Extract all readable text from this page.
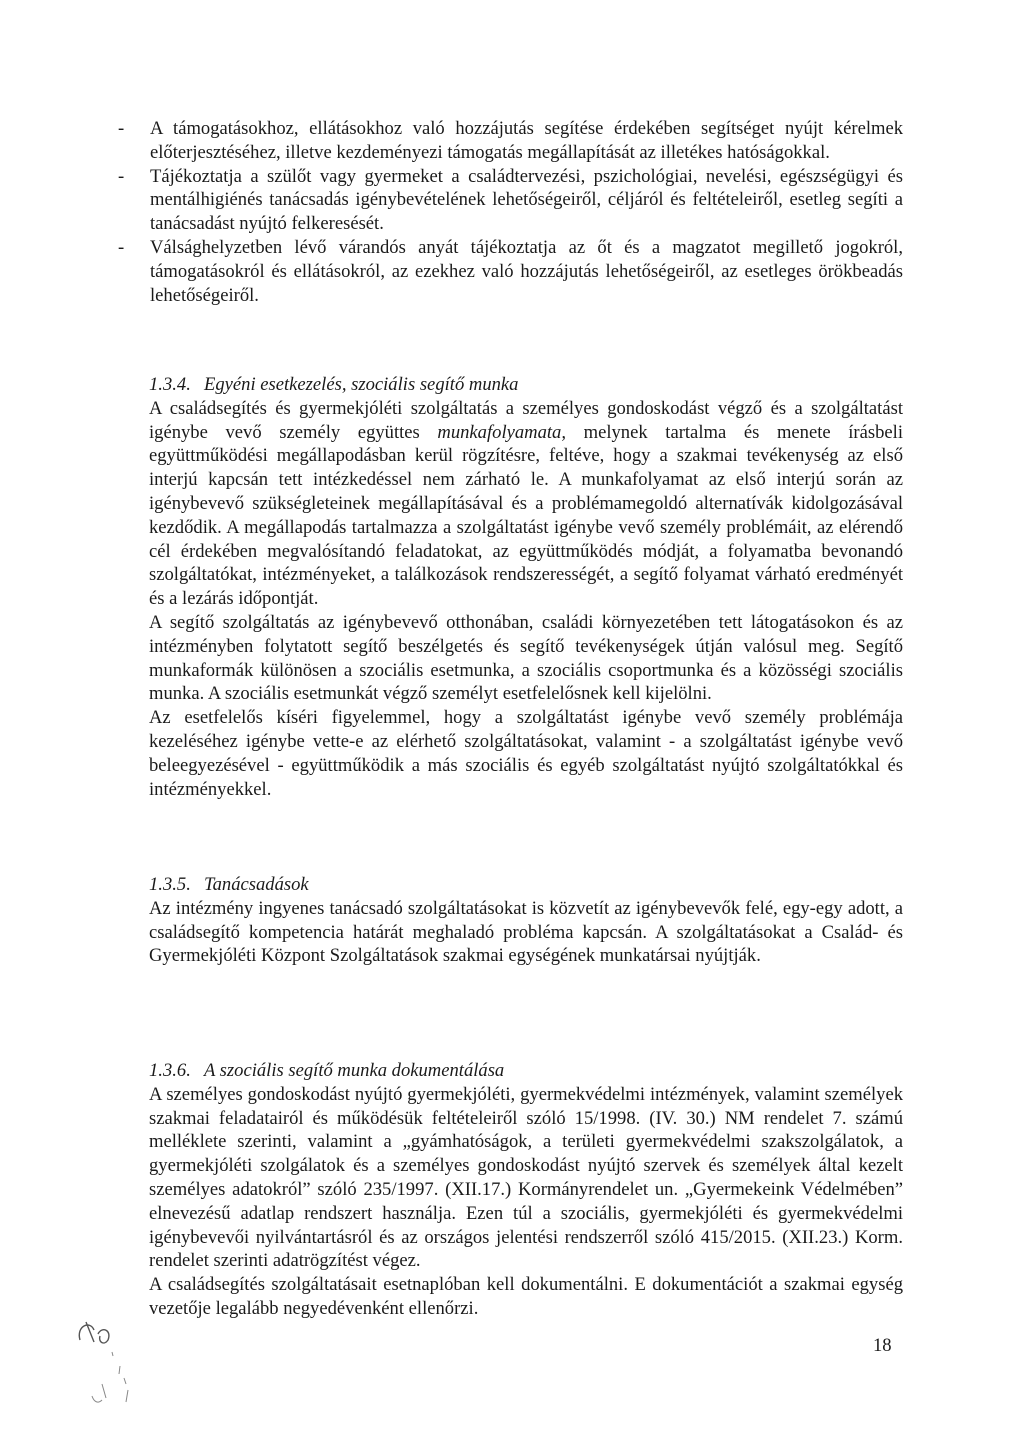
- A támogatásokhoz, ellátásokhoz való hozzájutás segítése érdekében segítséget nyújt kérelmek előterjesztéséhez, illetve kezdeményezi támogatás megállapítását az illetékes hatóságokkal.
- Tájékoztatja a szülőt vagy gyermeket a családtervezési, pszichológiai, nevelési, egészségügyi és mentálhigiénés tanácsadás igénybevételének lehetőségeiről, céljáról és feltételeiről, esetleg segíti a tanácsadást nyújtó felkeresését.
- Válsághelyzetben lévő várandós anyát tájékoztatja az őt és a magzatot megillető jogokról, támogatásokról és ellátásokról, az ezekhez való hozzájutás lehetőségeiről, az esetleges örökbeadás lehetőségeiről.

1.3.4. Egyéni esetkezelés, szociális segítő munka

A családsegítés és gyermekjóléti szolgáltatás a személyes gondoskodást végző és a szolgáltatást igénybe vevő személy együttes munkafolyamata, melynek tartalma és menete írásbeli együttműködési megállapodásban kerül rögzítésre, feltéve, hogy a szakmai tevékenység az első interjú kapcsán tett intézkedéssel nem zárható le. A munkafolyamat az első interjú során az igénybevevő szükségleteinek megállapításával és a problémamegoldó alternatívák kidolgozásával kezdődik. A megállapodás tartalmazza a szolgáltatást igénybe vevő személy problémáit, az elérendő cél érdekében megvalósítandó feladatokat, az együttműködés módját, a folyamatba bevonandó szolgáltatókat, intézményeket, a találkozások rendszerességét, a segítő folyamat várható eredményét és a lezárás időpontját.

A segítő szolgáltatás az igénybevevő otthonában, családi környezetében tett látogatásokon és az intézményben folytatott segítő beszélgetés és segítő tevékenységek útján valósul meg. Segítő munkaformák különösen a szociális esetmunka, a szociális csoportmunka és a közösségi szociális munka. A szociális esetmunkát végző személyt esetfelelősnek kell kijelölni.

Az esetfelelős kíséri figyelemmel, hogy a szolgáltatást igénybe vevő személy problémája kezeléséhez igénybe vette-e az elérhető szolgáltatásokat, valamint - a szolgáltatást igénybe vevő beleegyezésével - együttműködik a más szociális és egyéb szolgáltatást nyújtó szolgáltatókkal és intézményekkel.

1.3.5. Tanácsadások

Az intézmény ingyenes tanácsadó szolgáltatásokat is közvetít az igénybevevők felé, egy-egy adott, a családsegítő kompetencia határát meghaladó probléma kapcsán. A szolgáltatásokat a Család- és Gyermekjóléti Központ Szolgáltatások szakmai egységének munkatársai nyújtják.

1.3.6. A szociális segítő munka dokumentálása

A személyes gondoskodást nyújtó gyermekjóléti, gyermekvédelmi intézmények, valamint személyek szakmai feladatairól és működésük feltételeiről szóló 15/1998. (IV. 30.) NM rendelet 7. számú melléklete szerinti, valamint a „gyámhatóságok, a területi gyermekvédelmi szakszolgálatok, a gyermekjóléti szolgálatok és a személyes gondoskodást nyújtó szervek és személyek által kezelt személyes adatokról” szóló 235/1997. (XII.17.) Kormányrendelet un. „Gyermekeink Védelmében” elnevezésű adatlap rendszert használja. Ezen túl a szociális, gyermekjóléti és gyermekvédelmi igénybevevői nyilvántartásról és az országos jelentési rendszerről szóló 415/2015. (XII.23.) Korm. rendelet szerinti adatrögzítést végez.

A családsegítés szolgáltatásait esetnaplóban kell dokumentálni. E dokumentációt a szakmai egység vezetője legalább negyedévenként ellenőrzi.

18
